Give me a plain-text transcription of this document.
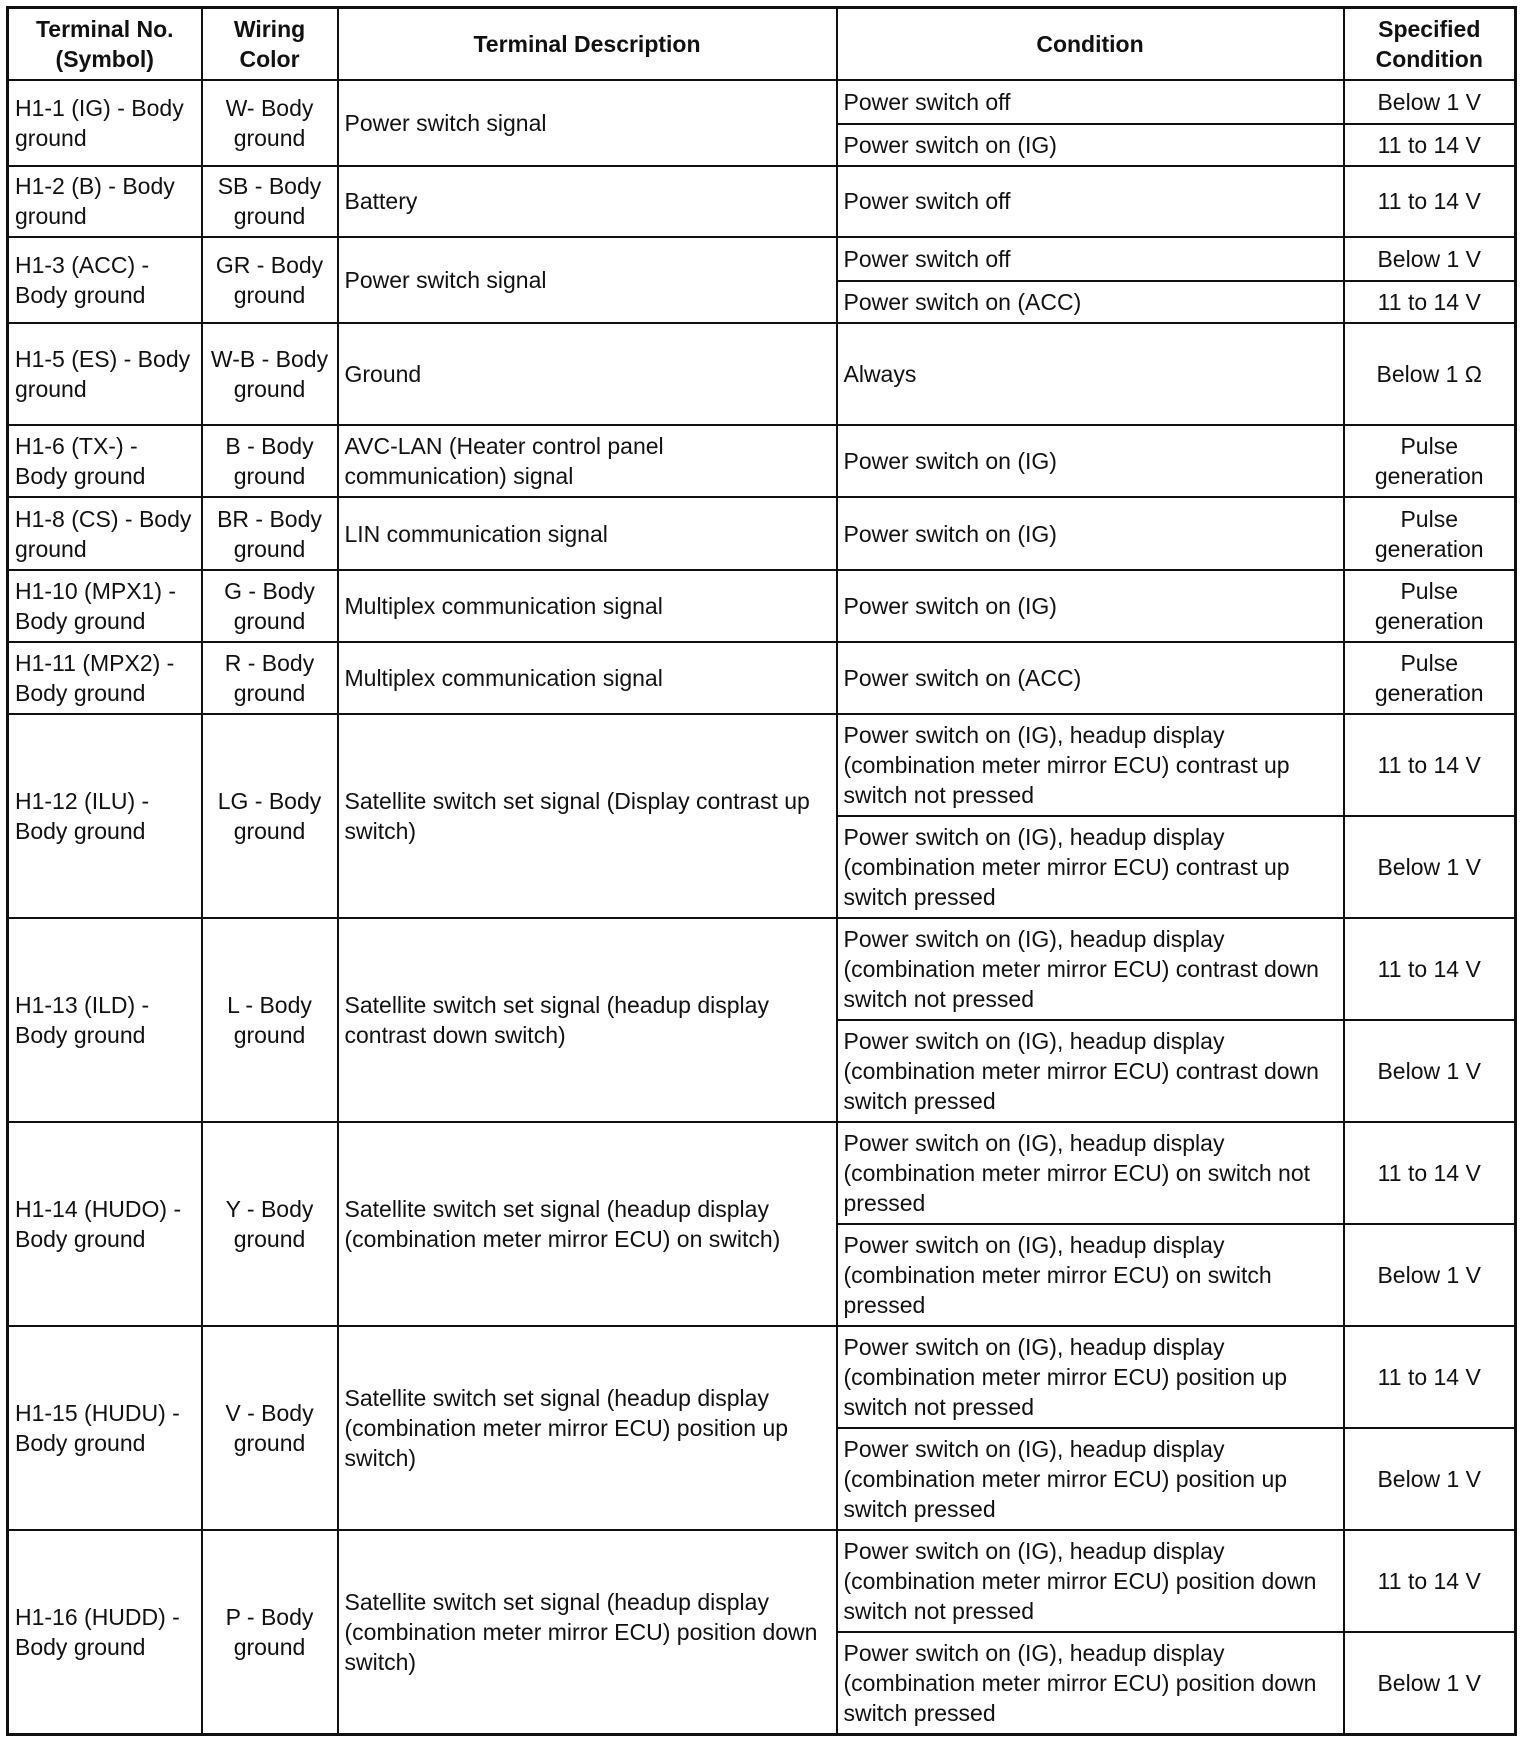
Terminal No. (Symbol)	Wiring Color	Terminal Description	Condition	Specified Condition
H1-1 (IG) - Body ground	W- Body ground	Power switch signal	Power switch off	Below 1 V
			Power switch on (IG)	11 to 14 V
H1-2 (B) - Body ground	SB - Body ground	Battery	Power switch off	11 to 14 V
H1-3 (ACC) - Body ground	GR - Body ground	Power switch signal	Power switch off	Below 1 V
			Power switch on (ACC)	11 to 14 V
H1-5 (ES) - Body ground	W-B - Body ground	Ground	Always	Below 1 Ω
H1-6 (TX-) - Body ground	B - Body ground	AVC-LAN (Heater control panel communication) signal	Power switch on (IG)	Pulse generation
H1-8 (CS) - Body ground	BR - Body ground	LIN communication signal	Power switch on (IG)	Pulse generation
H1-10 (MPX1) - Body ground	G - Body ground	Multiplex communication signal	Power switch on (IG)	Pulse generation
H1-11 (MPX2) - Body ground	R - Body ground	Multiplex communication signal	Power switch on (ACC)	Pulse generation
H1-12 (ILU) - Body ground	LG - Body ground	Satellite switch set signal (Display contrast up switch)	Power switch on (IG), headup display (combination meter mirror ECU) contrast up switch not pressed	11 to 14 V
			Power switch on (IG), headup display (combination meter mirror ECU) contrast up switch pressed	Below 1 V
H1-13 (ILD) - Body ground	L - Body ground	Satellite switch set signal (headup display contrast down switch)	Power switch on (IG), headup display (combination meter mirror ECU) contrast down switch not pressed	11 to 14 V
			Power switch on (IG), headup display (combination meter mirror ECU) contrast down switch pressed	Below 1 V
H1-14 (HUDO) - Body ground	Y - Body ground	Satellite switch set signal (headup display (combination meter mirror ECU) on switch)	Power switch on (IG), headup display (combination meter mirror ECU) on switch not pressed	11 to 14 V
			Power switch on (IG), headup display (combination meter mirror ECU) on switch pressed	Below 1 V
H1-15 (HUDU) - Body ground	V - Body ground	Satellite switch set signal (headup display (combination meter mirror ECU) position up switch)	Power switch on (IG), headup display (combination meter mirror ECU) position up switch not pressed	11 to 14 V
			Power switch on (IG), headup display (combination meter mirror ECU) position up switch pressed	Below 1 V
H1-16 (HUDD) - Body ground	P - Body ground	Satellite switch set signal (headup display (combination meter mirror ECU) position down switch)	Power switch on (IG), headup display (combination meter mirror ECU) position down switch not pressed	11 to 14 V
			Power switch on (IG), headup display (combination meter mirror ECU) position down switch pressed	Below 1 V
